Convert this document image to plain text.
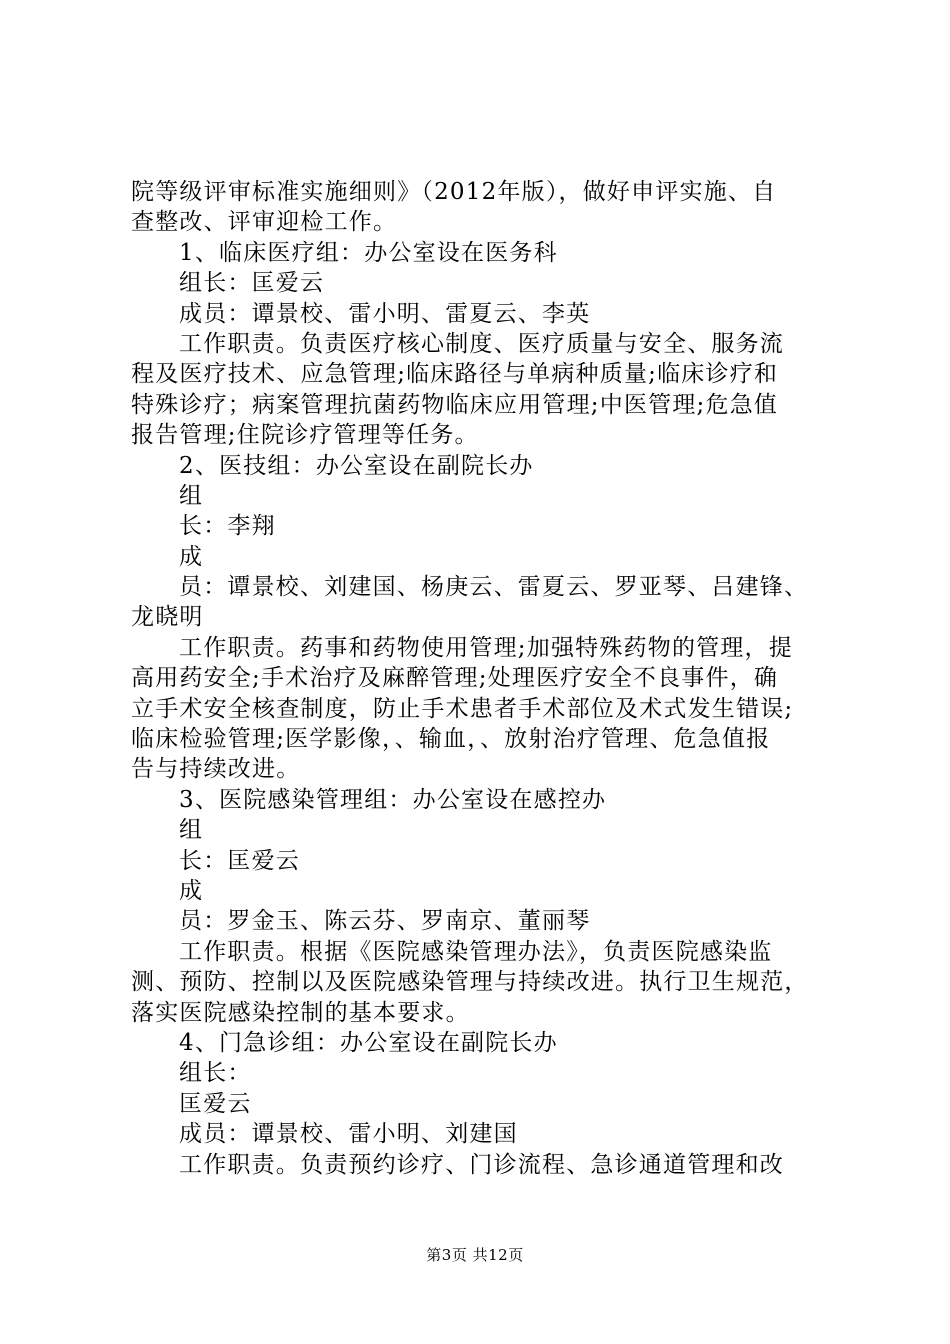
院等级评审标准实施细则》（2012年版），做好申评实施、自
查整改、评审迎检工作。
1、临床医疗组：办公室设在医务科
组长：匡爱云
成员：谭景校、雷小明、雷夏云、李英
工作职责。负责医疗核心制度、医疗质量与安全、服务流
程及医疗技术、应急管理;临床路径与单病种质量;临床诊疗和
特殊诊疗；病案管理抗菌药物临床应用管理;中医管理;危急值
报告管理;住院诊疗管理等任务。
2、医技组：办公室设在副院长办
组
长：李翔
成
员：谭景校、刘建国、杨庚云、雷夏云、罗亚琴、吕建锋、
龙晓明
工作职责。药事和药物使用管理;加强特殊药物的管理，提
高用药安全;手术治疗及麻醉管理;处理医疗安全不良事件，确
立手术安全核查制度，防止手术患者手术部位及术式发生错误;
临床检验管理;医学影像，、输血，、放射治疗管理、危急值报
告与持续改进。
3、医院感染管理组：办公室设在感控办
组
长：匡爱云
成
员：罗金玉、陈云芬、罗南京、董丽琴
工作职责。根据《医院感染管理办法》，负责医院感染监
测、预防、控制以及医院感染管理与持续改进。执行卫生规范，
落实医院感染控制的基本要求。
4、门急诊组：办公室设在副院长办
组长：
匡爱云
成员：谭景校、雷小明、刘建国
工作职责。负责预约诊疗、门诊流程、急诊通道管理和改
第3页 共12页
